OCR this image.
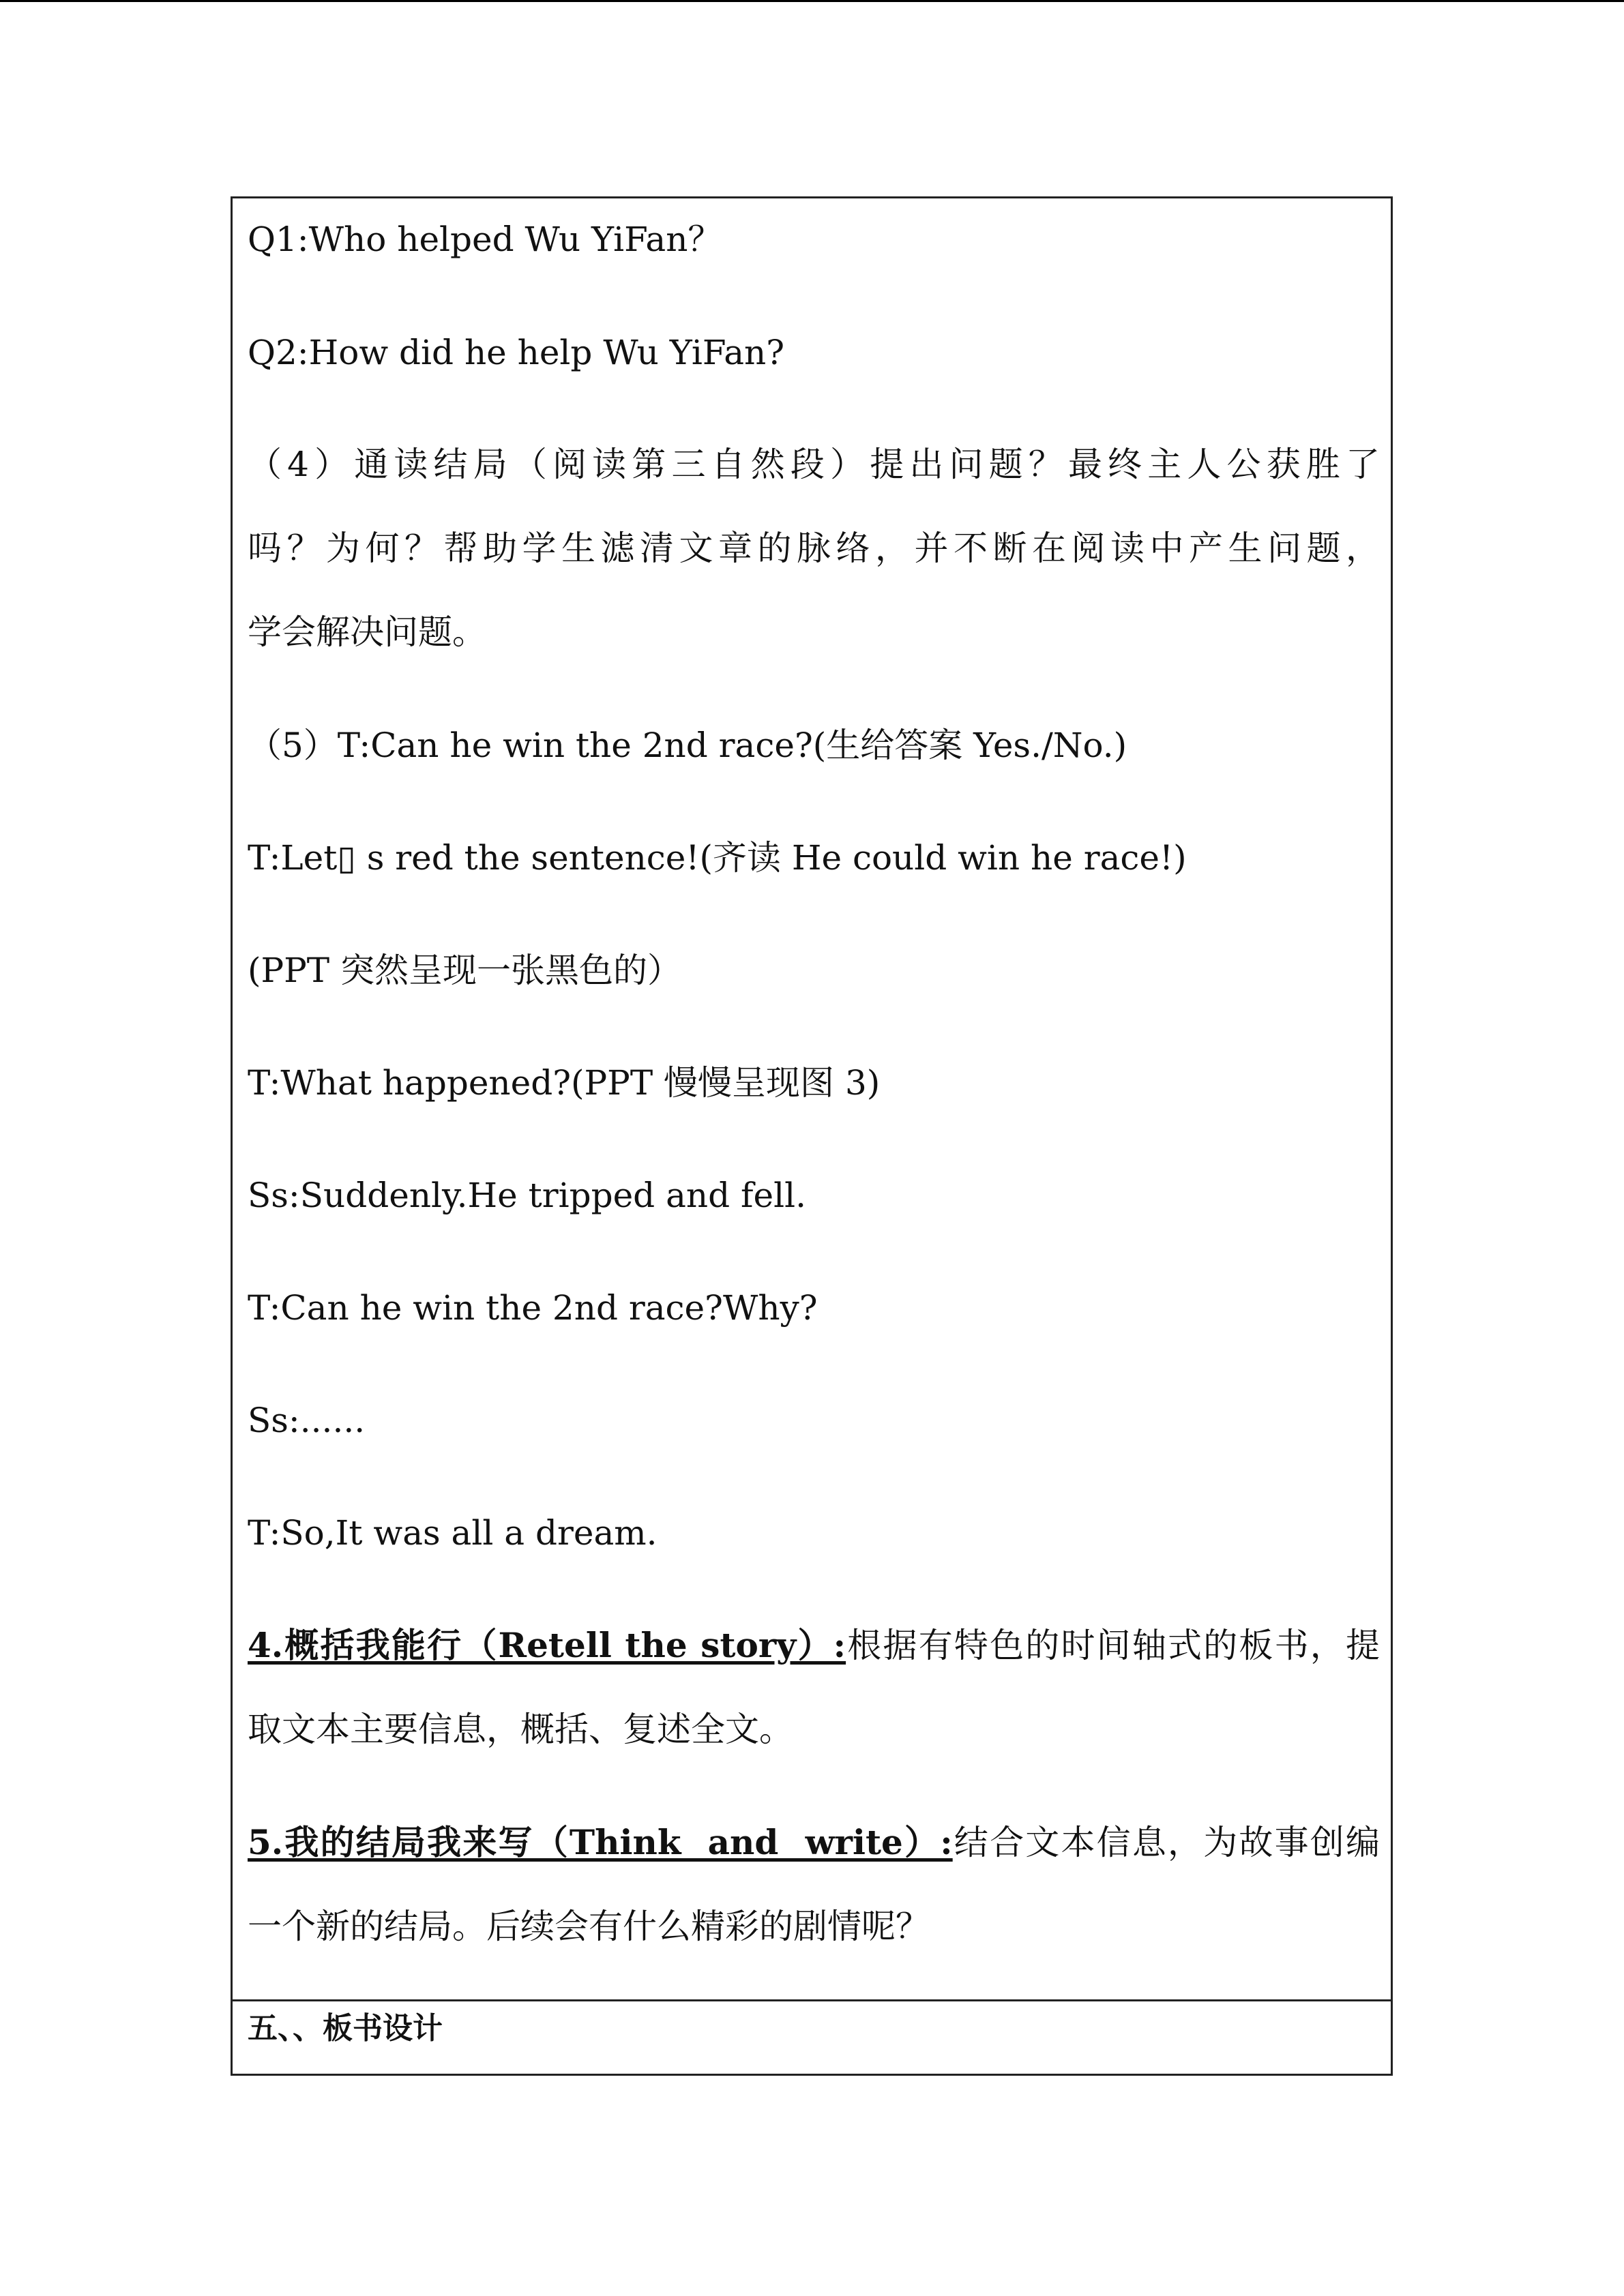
Q1:Who helped Wu YiFan？
Q2:How did he help Wu YiFan?
（4）通读结局（阅读第三自然段）提出问题？最终主人公获胜了
吗？为何？帮助学生滤清文章的脉络，并不断在阅读中产生问题，
学会解决问题。
（5）T:Can he win the 2nd race?(生给答案 Yes./No.)
T:Let▯ s red the sentence!(齐读 He could win he race!)
(PPT 突然呈现一张黑色的）
T:What happened?(PPT 慢慢呈现图 3)
Ss:Suddenly.He tripped and fell.
T:Can he win the 2nd race?Why?
Ss:......
T:So,It was all a dream.
4.概括我能行（Retell the story）:根据有特色的时间轴式的板书，提
取文本主要信息，概括、复述全文。
5.我的结局我来写（Think  and  write）:结合文本信息，为故事创编
一个新的结局。后续会有什么精彩的剧情呢？
五、、板书设计
